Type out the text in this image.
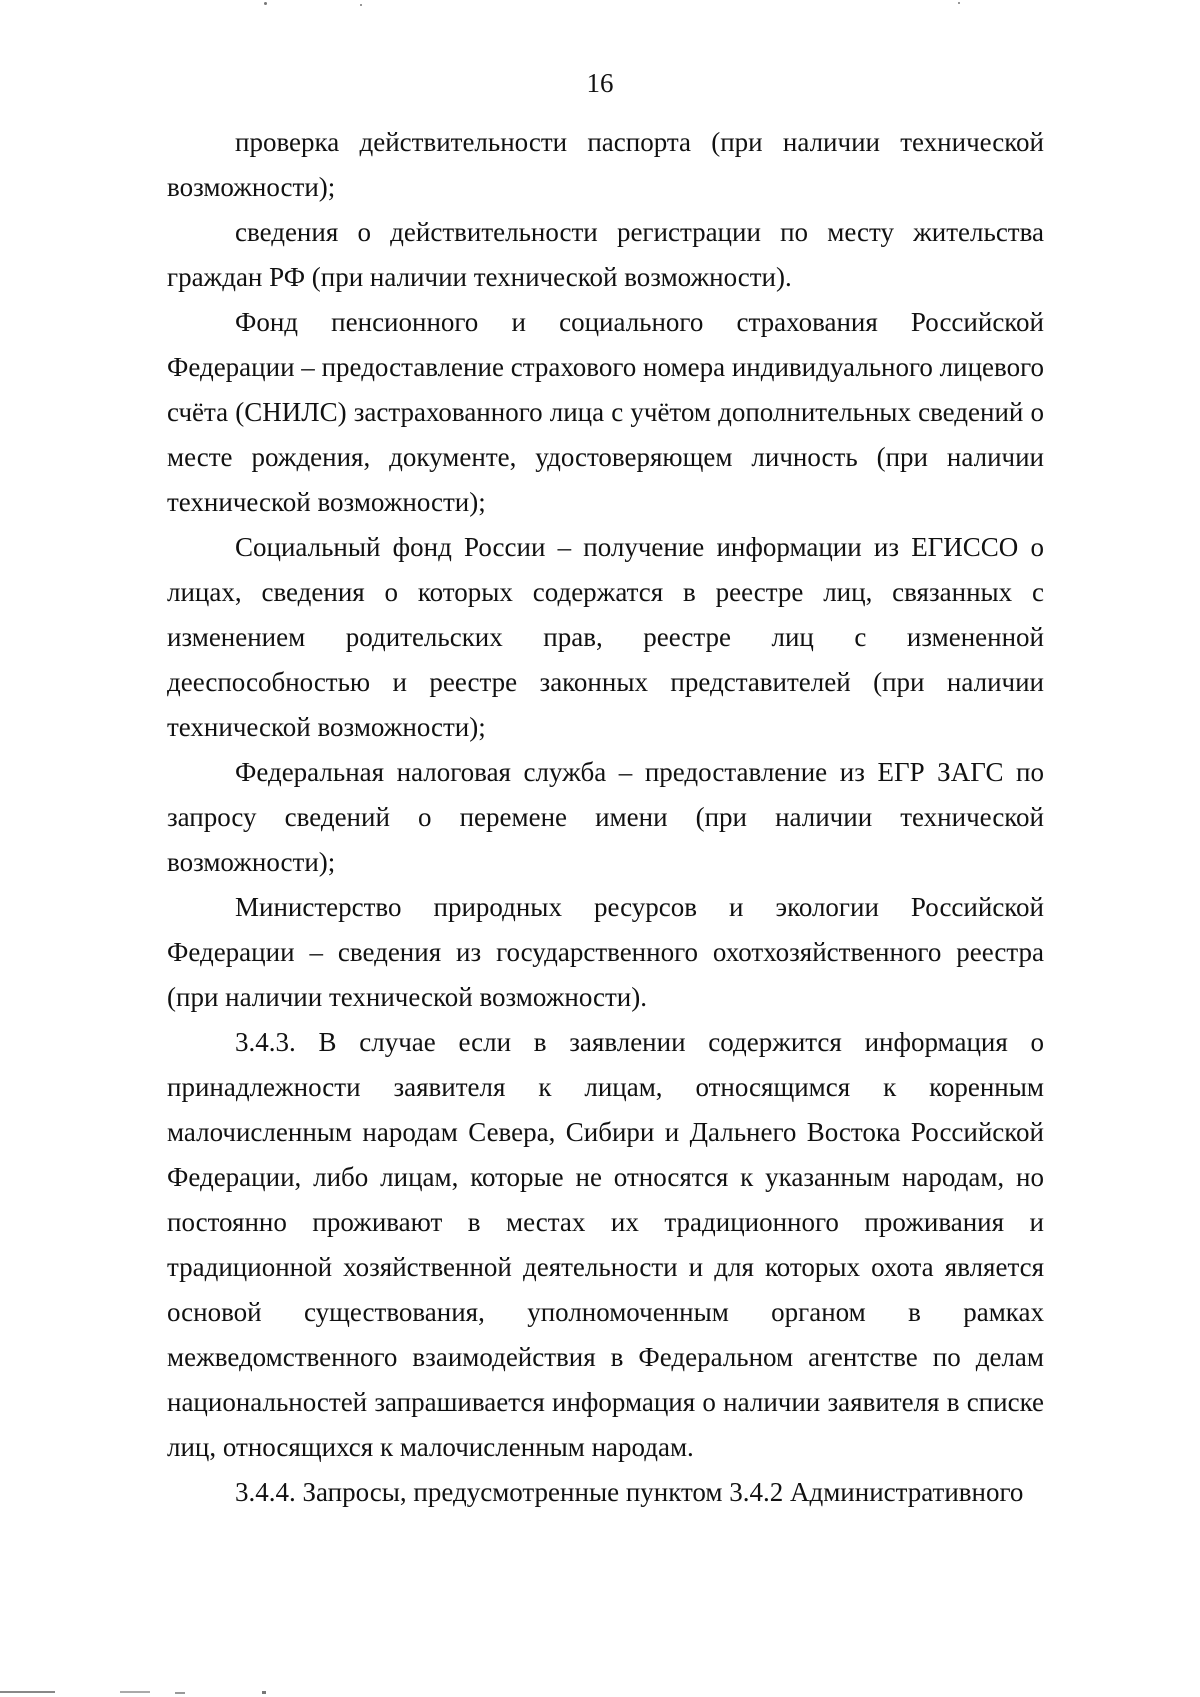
16

проверка действительности паспорта (при наличии технической возможности);

сведения о действительности регистрации по месту жительства граждан РФ (при наличии технической возможности).

Фонд пенсионного и социального страхования Российской Федерации – предоставление страхового номера индивидуального лицевого счёта (СНИЛС) застрахованного лица с учётом дополнительных сведений о месте рождения, документе, удостоверяющем личность (при наличии технической возможности);

Социальный фонд России – получение информации из ЕГИССО о лицах, сведения о которых содержатся в реестре лиц, связанных с изменением родительских прав, реестре лиц с измененной дееспособностью и реестре законных представителей (при наличии технической возможности);

Федеральная налоговая служба – предоставление из ЕГР ЗАГС по запросу сведений о перемене имени (при наличии технической возможности);

Министерство природных ресурсов и экологии Российской Федерации – сведения из государственного охотхозяйственного реестра (при наличии технической возможности).

3.4.3. В случае если в заявлении содержится информация о принадлежности заявителя к лицам, относящимся к коренным малочисленным народам Севера, Сибири и Дальнего Востока Российской Федерации, либо лицам, которые не относятся к указанным народам, но постоянно проживают в местах их традиционного проживания и традиционной хозяйственной деятельности и для которых охота является основой существования, уполномоченным органом в рамках межведомственного взаимодействия в Федеральном агентстве по делам национальностей запрашивается информация о наличии заявителя в списке лиц, относящихся к малочисленным народам.

3.4.4. Запросы, предусмотренные пунктом 3.4.2 Административного
